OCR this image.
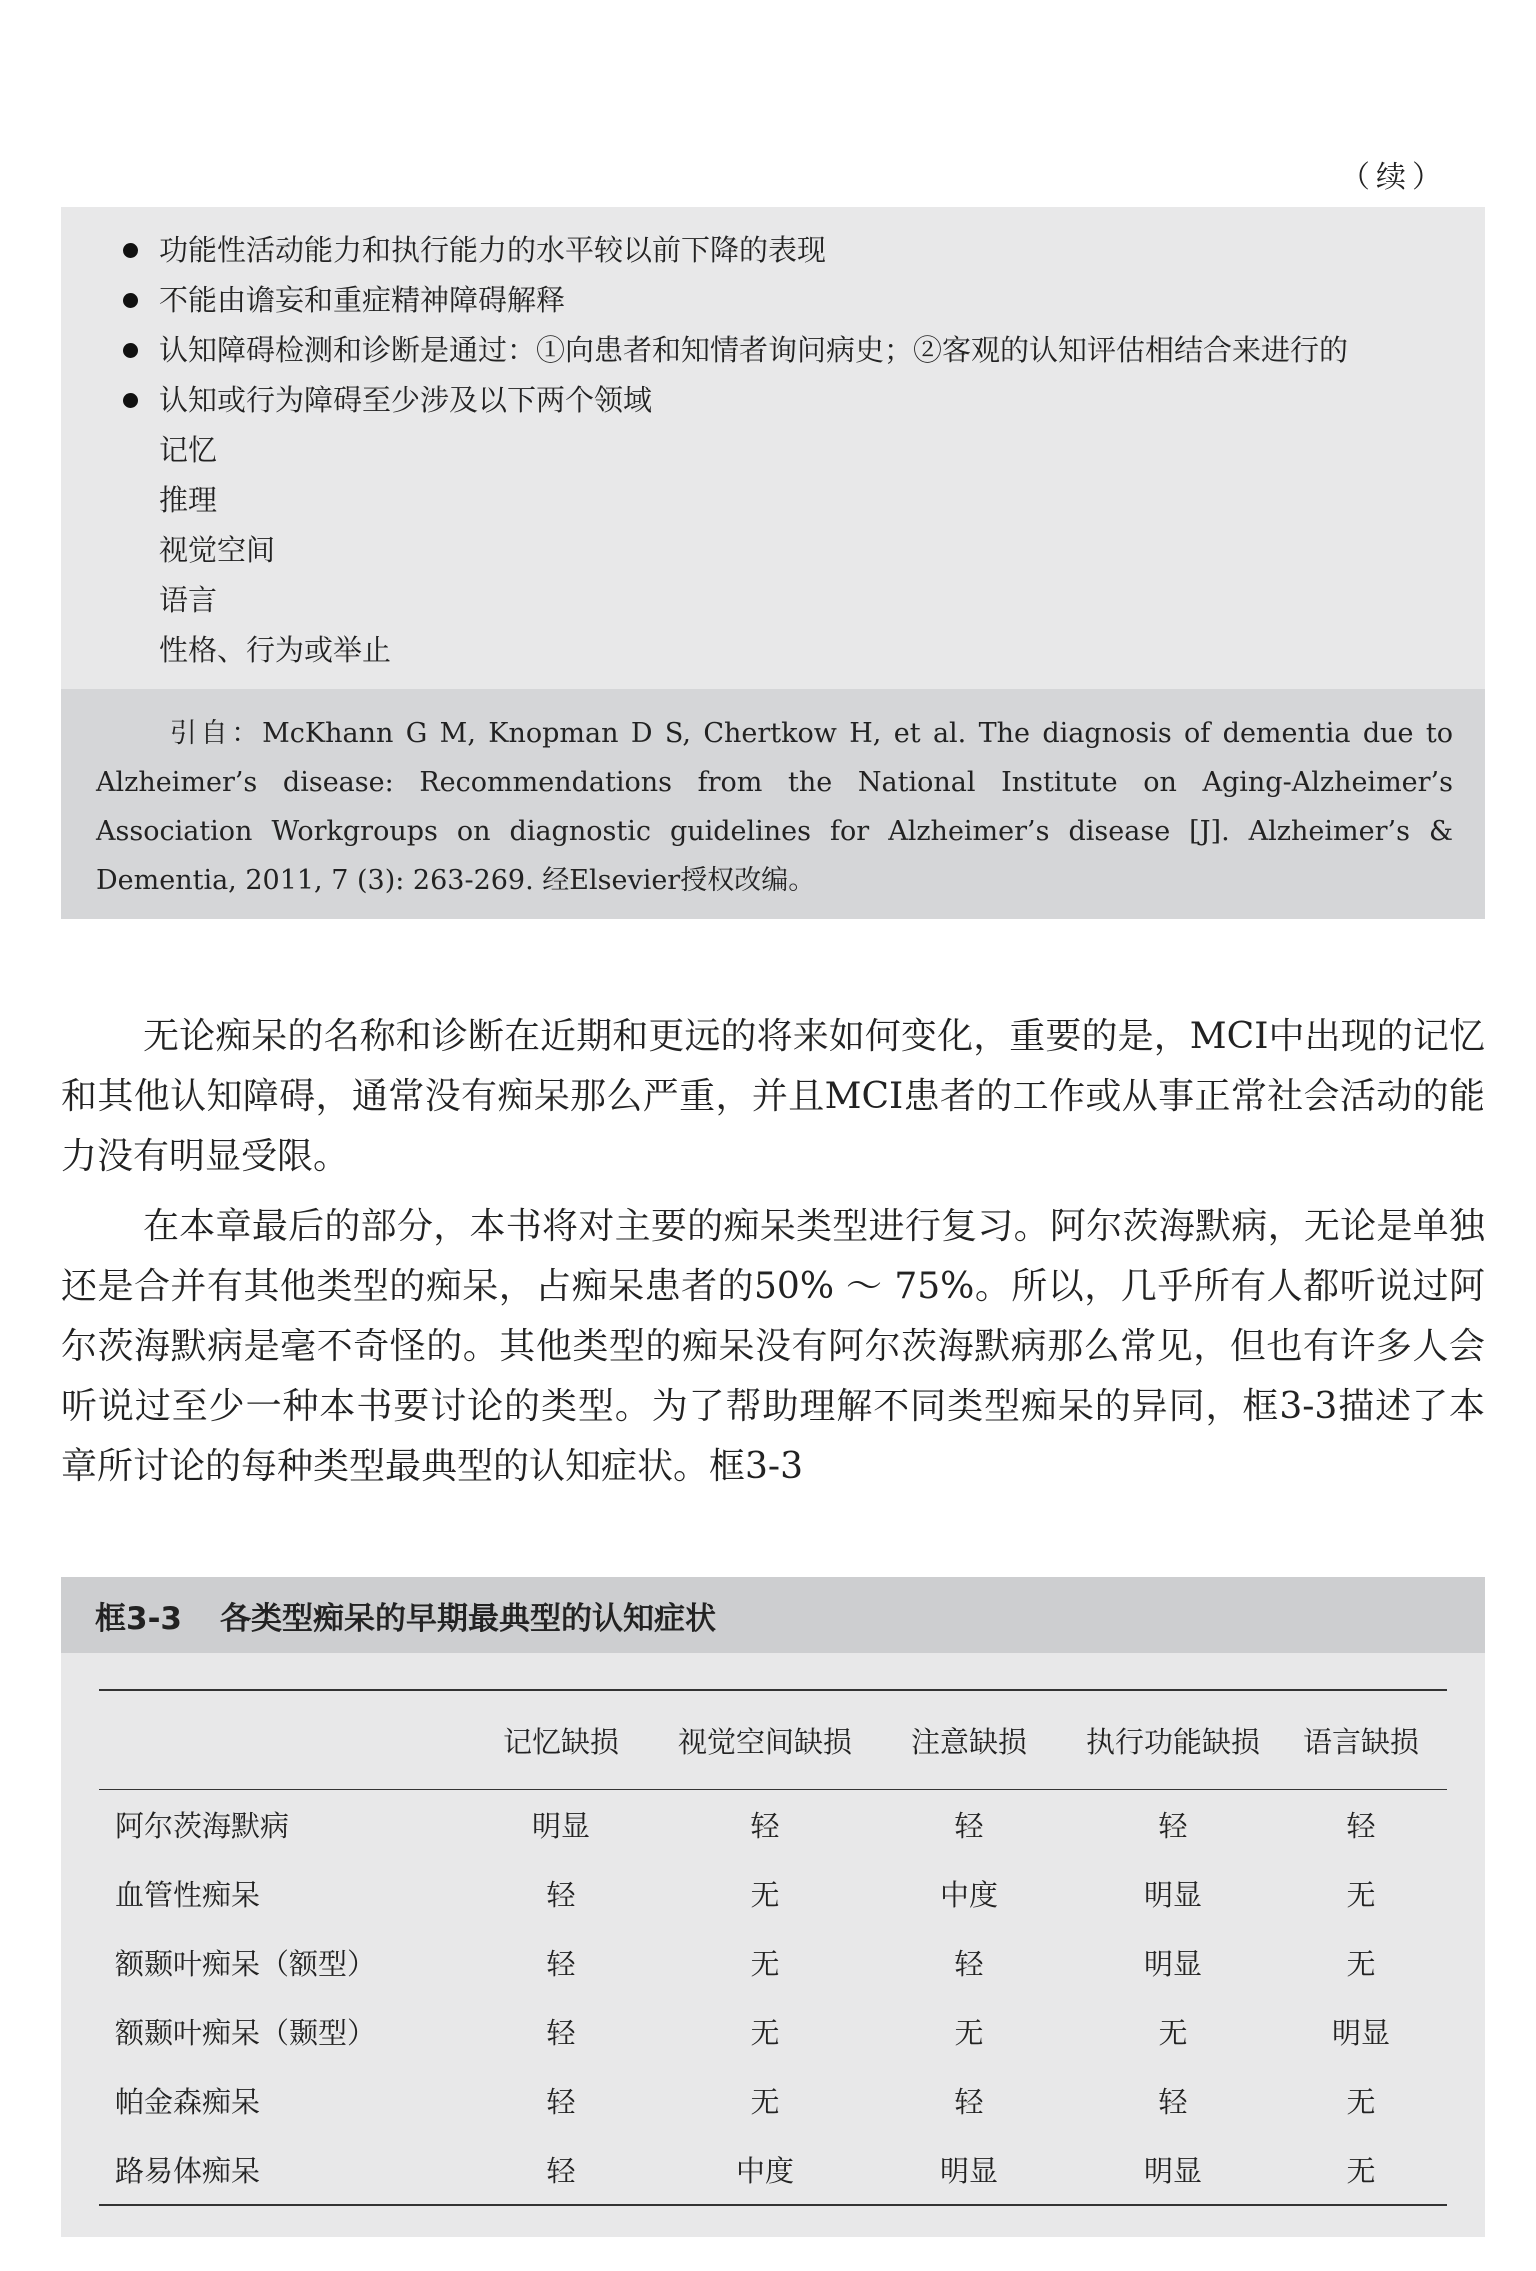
（续）
功能性活动能力和执行能力的水平较以前下降的表现
不能由谵妄和重症精神障碍解释
认知障碍检测和诊断是通过：①向患者和知情者询问病史；②客观的认知评估相结合来进行的
认知或行为障碍至少涉及以下两个领域
记忆
推理
视觉空间
语言
性格、行为或举止
引自：McKhann G M, Knopman D S, Chertkow H, et al. The diagnosis of dementia due to Alzheimer’s disease: Recommendations from the National Institute on Aging-Alzheimer’s Association Workgroups on diagnostic guidelines for Alzheimer’s disease [J]. Alzheimer’s & Dementia, 2011, 7 (3): 263-269. 经Elsevier授权改编。

无论痴呆的名称和诊断在近期和更远的将来如何变化，重要的是，MCI中出现的记忆和其他认知障碍，通常没有痴呆那么严重，并且MCI患者的工作或从事正常社会活动的能力没有明显受限。

在本章最后的部分，本书将对主要的痴呆类型进行复习。阿尔茨海默病，无论是单独还是合并有其他类型的痴呆，占痴呆患者的50% ～ 75%。所以，几乎所有人都听说过阿尔茨海默病是毫不奇怪的。其他类型的痴呆没有阿尔茨海默病那么常见，但也有许多人会听说过至少一种本书要讨论的类型。为了帮助理解不同类型痴呆的异同，框3-3描述了本章所讨论的每种类型最典型的认知症状。框3-3

框3-3 各类型痴呆的早期最典型的认知症状
	记忆缺损	视觉空间缺损	注意缺损	执行功能缺损	语言缺损
阿尔茨海默病	明显	轻	轻	轻	轻
血管性痴呆	轻	无	中度	明显	无
额颞叶痴呆（额型）	轻	无	轻	明显	无
额颞叶痴呆（颞型）	轻	无	无	无	明显
帕金森痴呆	轻	无	轻	轻	无
路易体痴呆	轻	中度	明显	明显	无
